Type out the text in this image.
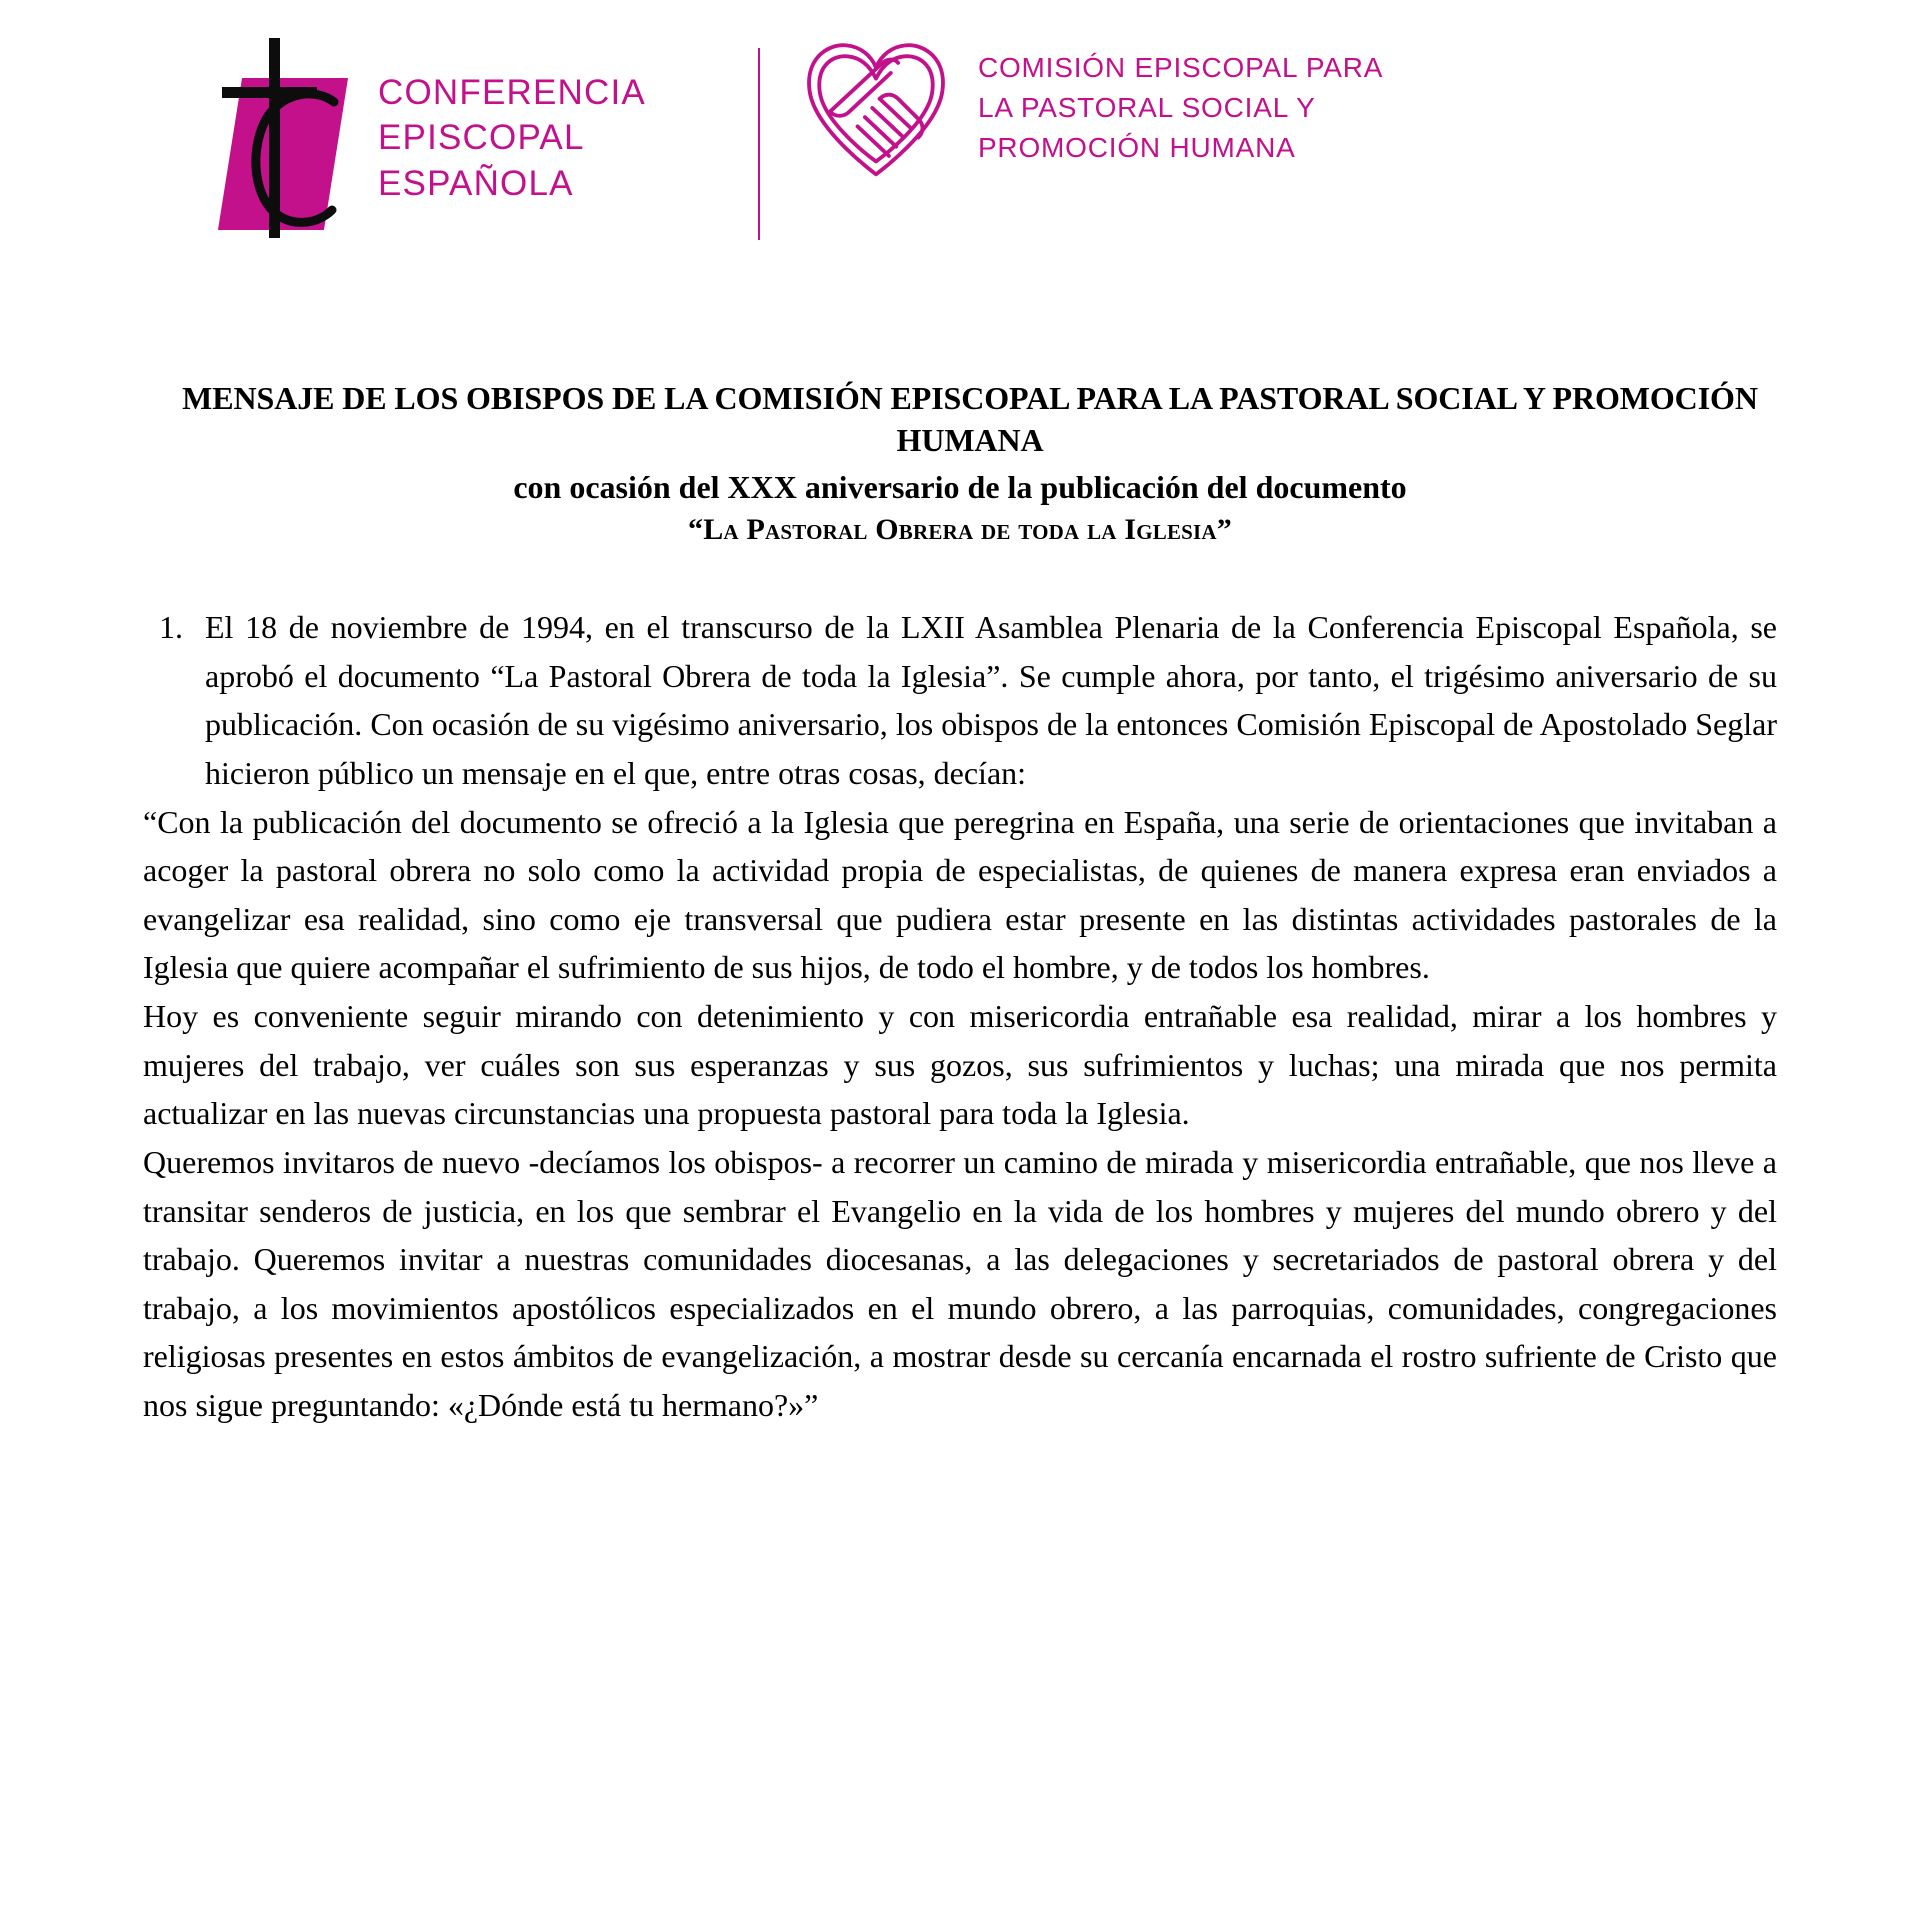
CONFERENCIA
EPISCOPAL
ESPAÑOLA
COMISIÓN EPISCOPAL PARA
LA PASTORAL SOCIAL Y
PROMOCIÓN HUMANA
MENSAJE DE LOS OBISPOS DE LA COMISIÓN EPISCOPAL PARA LA PASTORAL SOCIAL Y PROMOCIÓN HUMANA
con ocasión del XXX aniversario de la publicación del documento
“La Pastoral Obrera de toda la Iglesia”
1. El 18 de noviembre de 1994, en el transcurso de la LXII Asamblea Plenaria de la Conferencia Episcopal Española, se aprobó el documento “La Pastoral Obrera de toda la Iglesia”. Se cumple ahora, por tanto, el trigésimo aniversario de su publicación. Con ocasión de su vigésimo aniversario, los obispos de la entonces Comisión Episcopal de Apostolado Seglar hicieron público un mensaje en el que, entre otras cosas, decían:

“Con la publicación del documento se ofreció a la Iglesia que peregrina en España, una serie de orientaciones que invitaban a acoger la pastoral obrera no solo como la actividad propia de especialistas, de quienes de manera expresa eran enviados a evangelizar esa realidad, sino como eje transversal que pudiera estar presente en las distintas actividades pastorales de la Iglesia que quiere acompañar el sufrimiento de sus hijos, de todo el hombre, y de todos los hombres.

Hoy es conveniente seguir mirando con detenimiento y con misericordia entrañable esa realidad, mirar a los hombres y mujeres del trabajo, ver cuáles son sus esperanzas y sus gozos, sus sufrimientos y luchas; una mirada que nos permita actualizar en las nuevas circunstancias una propuesta pastoral para toda la Iglesia.

Queremos invitaros de nuevo -decíamos los obispos- a recorrer un camino de mirada y misericordia entrañable, que nos lleve a transitar senderos de justicia, en los que sembrar el Evangelio en la vida de los hombres y mujeres del mundo obrero y del trabajo. Queremos invitar a nuestras comunidades diocesanas, a las delegaciones y secretariados de pastoral obrera y del trabajo, a los movimientos apostólicos especializados en el mundo obrero, a las parroquias, comunidades, congregaciones religiosas presentes en estos ámbitos de evangelización, a mostrar desde su cercanía encarnada el rostro sufriente de Cristo que nos sigue preguntando: «¿Dónde está tu hermano?»”
